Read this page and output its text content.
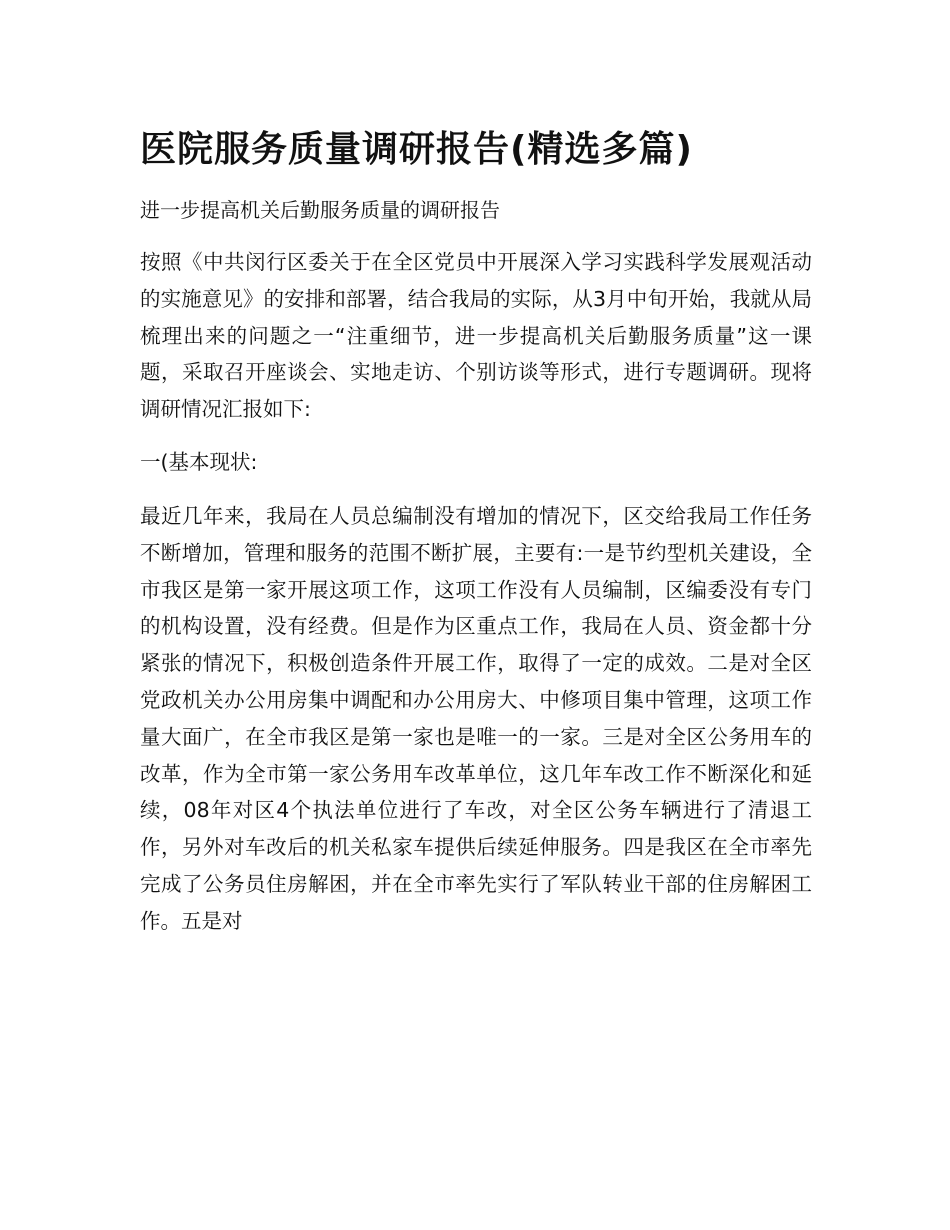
医院服务质量调研报告(精选多篇)

进一步提高机关后勤服务质量的调研报告

按照《中共闵行区委关于在全区党员中开展深入学习实践科学发展观活动的实施意见》的安排和部署，结合我局的实际，从3月中旬开始，我就从局梳理出来的问题之一“注重细节，进一步提高机关后勤服务质量”这一课题，采取召开座谈会、实地走访、个别访谈等形式，进行专题调研。现将调研情况汇报如下:

一(基本现状:

最近几年来，我局在人员总编制没有增加的情况下，区交给我局工作任务不断增加，管理和服务的范围不断扩展，主要有:一是节约型机关建设，全市我区是第一家开展这项工作，这项工作没有人员编制，区编委没有专门的机构设置，没有经费。但是作为区重点工作，我局在人员、资金都十分紧张的情况下，积极创造条件开展工作，取得了一定的成效。二是对全区党政机关办公用房集中调配和办公用房大、中修项目集中管理，这项工作量大面广，在全市我区是第一家也是唯一的一家。三是对全区公务用车的改革，作为全市第一家公务用车改革单位，这几年车改工作不断深化和延续，08年对区4个执法单位进行了车改，对全区公务车辆进行了清退工作，另外对车改后的机关私家车提供后续延伸服务。四是我区在全市率先完成了公务员住房解困，并在全市率先实行了军队转业干部的住房解困工作。五是对
